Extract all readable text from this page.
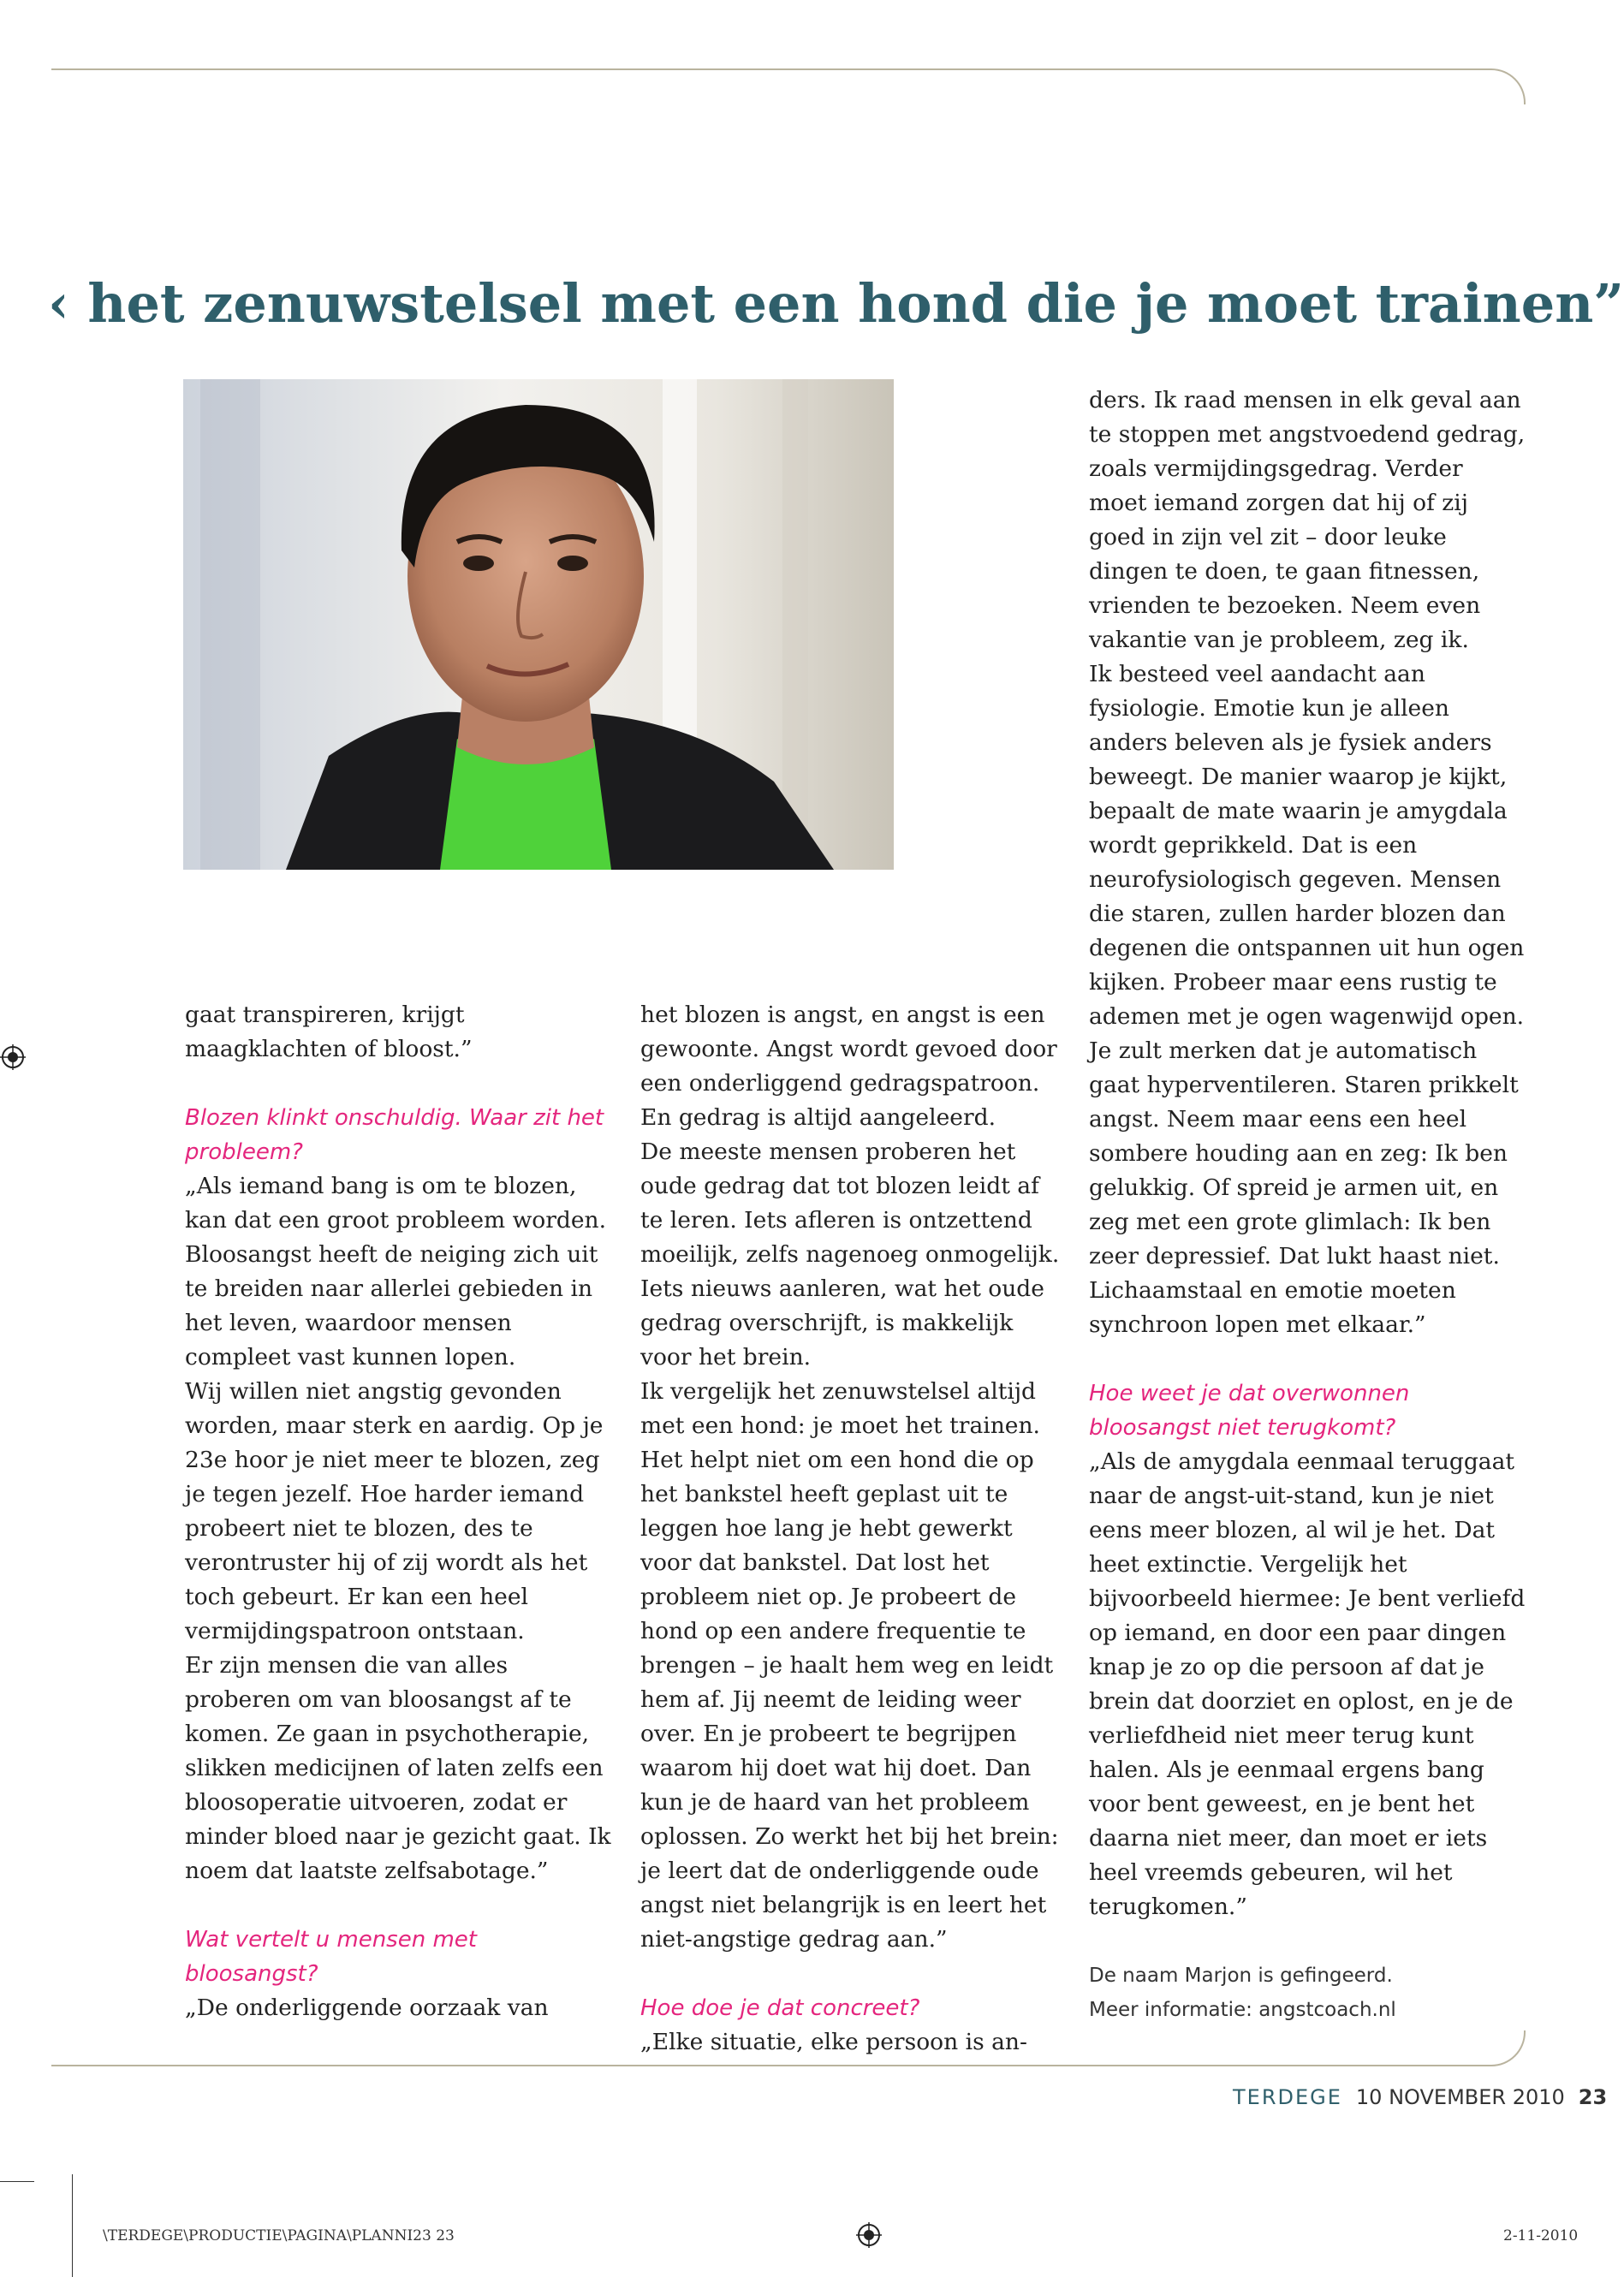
‹ het zenuwstelsel met een hond die je moet trainen”

gaat transpireren, krijgt maagklachten of bloost.”

Blozen klinkt onschuldig. Waar zit het probleem?

„Als iemand bang is om te blozen, kan dat een groot probleem worden. Bloosangst heeft de neiging zich uit te breiden naar allerlei gebieden in het leven, waardoor mensen compleet vast kunnen lopen.

Wij willen niet angstig gevonden worden, maar sterk en aardig. Op je 23e hoor je niet meer te blozen, zeg je tegen jezelf. Hoe harder iemand probeert niet te blozen, des te verontruster hij of zij wordt als het toch gebeurt. Er kan een heel vermijdingspatroon ontstaan.

Er zijn mensen die van alles proberen om van bloosangst af te komen. Ze gaan in psychotherapie, slikken medicijnen of laten zelfs een bloosoperatie uitvoeren, zodat er minder bloed naar je gezicht gaat. Ik noem dat laatste zelfsabotage.”

Wat vertelt u mensen met bloosangst?

„De onderliggende oorzaak van

het blozen is angst, en angst is een gewoonte. Angst wordt gevoed door een onderliggend gedragspatroon. En gedrag is altijd aangeleerd.

De meeste mensen proberen het oude gedrag dat tot blozen leidt af te leren. Iets afleren is ontzettend moeilijk, zelfs nagenoeg onmogelijk. Iets nieuws aanleren, wat het oude gedrag overschrijft, is makkelijk voor het brein.

Ik vergelijk het zenuwstelsel altijd met een hond: je moet het trainen. Het helpt niet om een hond die op het bankstel heeft geplast uit te leggen hoe lang je hebt gewerkt voor dat bankstel. Dat lost het probleem niet op. Je probeert de hond op een andere frequentie te brengen – je haalt hem weg en leidt hem af. Jij neemt de leiding weer over. En je probeert te begrijpen waarom hij doet wat hij doet. Dan kun je de haard van het probleem oplossen. Zo werkt het bij het brein: je leert dat de onderliggende oude angst niet belangrijk is en leert het niet-angstige gedrag aan.”

Hoe doe je dat concreet?

„Elke situatie, elke persoon is an-

ders. Ik raad mensen in elk geval aan te stoppen met angstvoedend gedrag, zoals vermijdingsgedrag. Verder moet iemand zorgen dat hij of zij goed in zijn vel zit – door leuke dingen te doen, te gaan fitnessen, vrienden te bezoeken. Neem even vakantie van je probleem, zeg ik.

Ik besteed veel aandacht aan fysiologie. Emotie kun je alleen anders beleven als je fysiek anders beweegt. De manier waarop je kijkt, bepaalt de mate waarin je amygdala wordt geprikkeld. Dat is een neurofysiologisch gegeven. Mensen die staren, zullen harder blozen dan degenen die ontspannen uit hun ogen kijken. Probeer maar eens rustig te ademen met je ogen wagenwijd open. Je zult merken dat je automatisch gaat hyperventileren. Staren prikkelt angst. Neem maar eens een heel sombere houding aan en zeg: Ik ben gelukkig. Of spreid je armen uit, en zeg met een grote glimlach: Ik ben zeer depressief. Dat lukt haast niet. Lichaamstaal en emotie moeten synchroon lopen met elkaar.”

Hoe weet je dat overwonnen bloosangst niet terugkomt?

„Als de amygdala eenmaal teruggaat naar de angst-uit-stand, kun je niet eens meer blozen, al wil je het. Dat heet extinctie. Vergelijk het bijvoorbeeld hiermee: Je bent verliefd op iemand, en door een paar dingen knap je zo op die persoon af dat je brein dat doorziet en oplost, en je de verliefdheid niet meer terug kunt halen. Als je eenmaal ergens bang voor bent geweest, en je bent het daarna niet meer, dan moet er iets heel vreemds gebeuren, wil het terugkomen.”

De naam Marjon is gefingeerd.

Meer informatie: angstcoach.nl

TERDEGE 10 NOVEMBER 2010 23
\TERDEGE\PRODUCTIE\PAGINA\PLANNI23 23	2-11-2010
